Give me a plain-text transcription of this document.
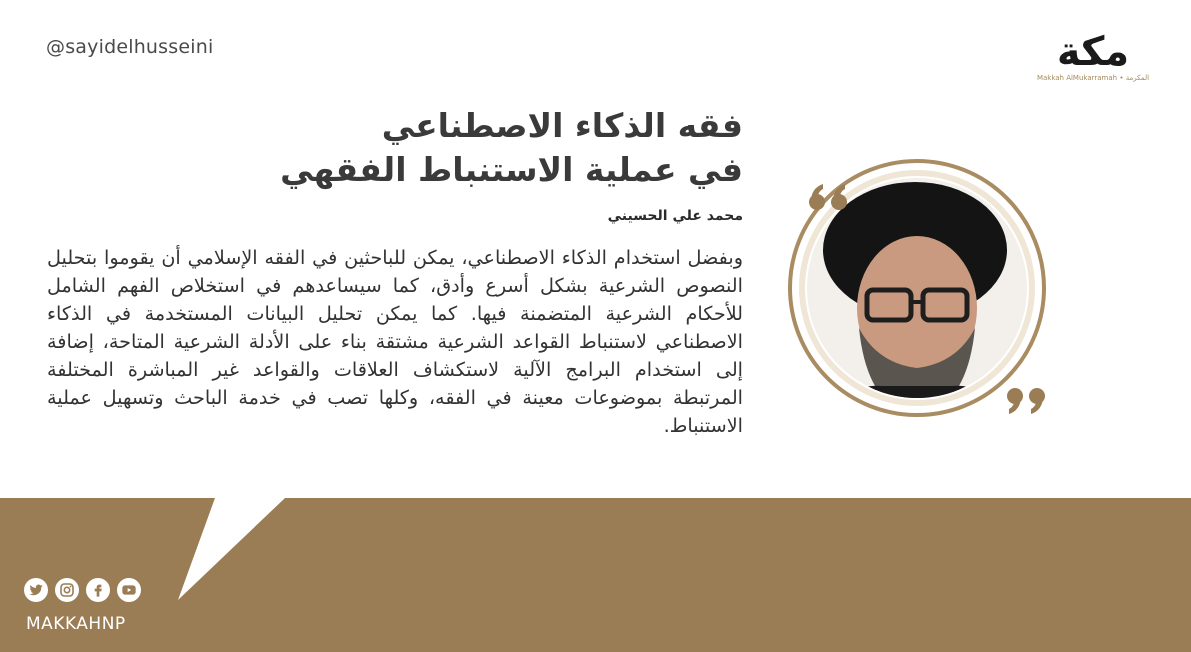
@sayidelhusseini	مكة
Makkah AlMukarramah • المكرمة
فقه الذكاء الاصطناعي
في عملية الاستنباط الفقهي
محمد علي الحسيني
وبفضل استخدام الذكاء الاصطناعي، يمكن للباحثين في الفقه الإسلامي أن يقوموا بتحليل النصوص الشرعية بشكل أسرع وأدق، كما سيساعدهم في استخلاص الفهم الشامل للأحكام الشرعية المتضمنة فيها. كما يمكن تحليل البيانات المستخدمة في الذكاء الاصطناعي لاستنباط القواعد الشرعية مشتقة بناء على الأدلة الشرعية المتاحة، إضافة إلى استخدام البرامج الآلية لاستكشاف العلاقات والقواعد غير المباشرة المختلفة المرتبطة بموضوعات معينة في الفقه، وكلها تصب في خدمة الباحث وتسهيل عملية الاستنباط.
MAKKAHNP
